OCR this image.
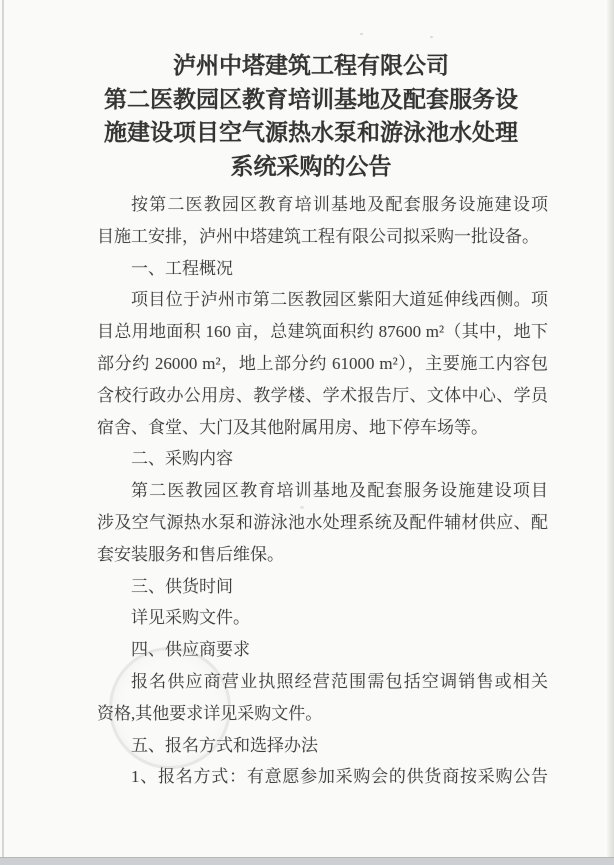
泸州中塔建筑工程有限公司
第二医教园区教育培训基地及配套服务设
施建设项目空气源热水泵和游泳池水处理
系统采购的公告
按第二医教园区教育培训基地及配套服务设施建设项
目施工安排，泸州中塔建筑工程有限公司拟采购一批设备。
一、工程概况
项目位于泸州市第二医教园区紫阳大道延伸线西侧。项
目总用地面积 160 亩，总建筑面积约 87600 m²（其中，地下
部分约 26000 m²，地上部分约 61000 m²），主要施工内容包
含校行政办公用房、教学楼、学术报告厅、文体中心、学员
宿舍、食堂、大门及其他附属用房、地下停车场等。
二、采购内容
第二医教园区教育培训基地及配套服务设施建设项目
涉及空气源热水泵和游泳池水处理系统及配件辅材供应、配
套安装服务和售后维保。
三、供货时间
详见采购文件。
四、供应商要求
报名供应商营业执照经营范围需包括空调销售或相关
资格,其他要求详见采购文件。
五、报名方式和选择办法
1、报名方式：有意愿参加采购会的供货商按采购公告
